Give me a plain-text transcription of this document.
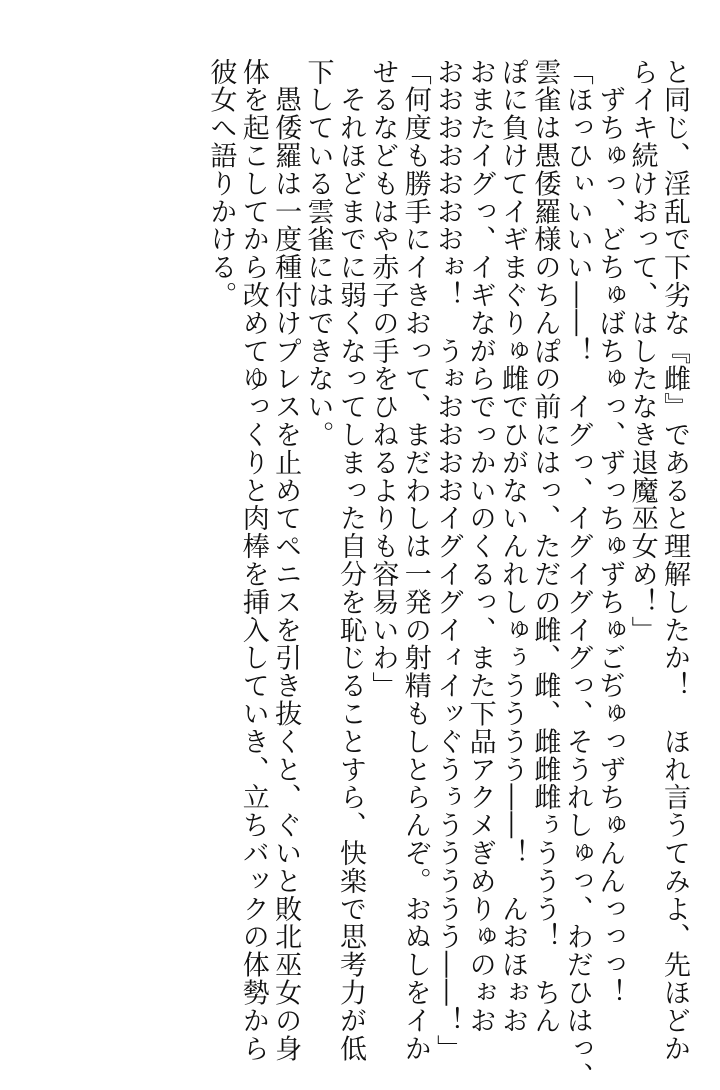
と同じ、淫乱で下劣な『雌』であると理解したか！　ほれ言うてみよ、先ほどか
らイキ続けおって、はしたなき退魔巫女め！」
　ずちゅっ、どちゅばちゅっ、ずっちゅずちゅごぢゅっずちゅんんっっっ！
「ほっひぃいいい――！　イグっ、イグイグイグっ、そうれしゅっ、わだひはっ、
雲雀は愚倭羅様のちんぽの前にはっ、ただの雌、雌、雌雌雌ぅううう！　ちん
ぽに負けてイギまぐりゅ雌でひがないんれしゅぅうううう――！　んおほぉお
おまたイグっ、イギながらでっかいのくるっ、また下品アクメぎめりゅのぉお
おおおおおおおぉ！　うぉおおおおイグイグイィイッぐうぅううううう――！」
「何度も勝手にイきおって、まだわしは一発の射精もしとらんぞ。おぬしをイか
せるなどもはや赤子の手をひねるよりも容易いわ」
　それほどまでに弱くなってしまった自分を恥じることすら、快楽で思考力が低
下している雲雀にはできない。
　愚倭羅は一度種付けプレスを止めてペニスを引き抜くと、ぐいと敗北巫女の身
体を起こしてから改めてゆっくりと肉棒を挿入していき、立ちバックの体勢から
彼女へ語りかける。
